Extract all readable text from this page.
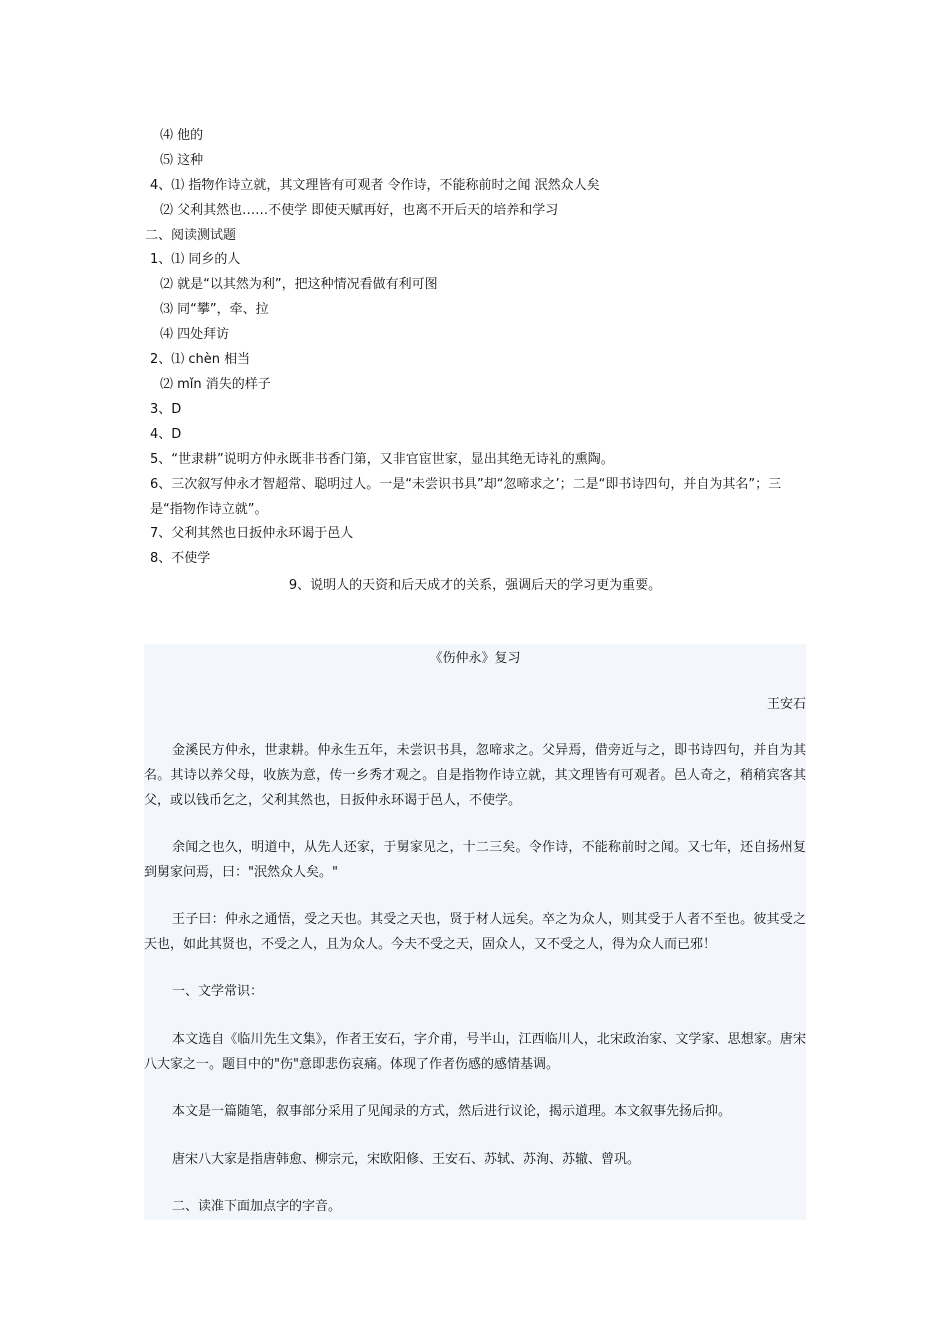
⑷ 他的
⑸ 这种
4、⑴ 指物作诗立就，其文理皆有可观者 令作诗，不能称前时之闻 泯然众人矣
⑵ 父利其然也……不使学 即使天赋再好，也离不开后天的培养和学习
二、阅读测试题
1、⑴ 同乡的人
⑵ 就是“以其然为利”，把这种情况看做有利可图
⑶ 同“攀”，牵、拉
⑷ 四处拜访
2、⑴ chèn 相当
⑵ mǐn 消失的样子
3、D
4、D
5、“世隶耕”说明方仲永既非书香门第，又非官宦世家，显出其绝无诗礼的熏陶。
6、三次叙写仲永才智超常、聪明过人。一是“未尝识书具”却“忽啼求之’；二是“即书诗四句，并自为其名”；三是“指物作诗立就”。
7、父利其然也日扳仲永环谒于邑人
8、不使学
9、说明人的天资和后天成才的关系，强调后天的学习更为重要。
《伤仲永》复习
王安石

金溪民方仲永，世隶耕。仲永生五年，未尝识书具，忽啼求之。父异焉，借旁近与之，即书诗四句，并自为其名。其诗以养父母，收族为意，传一乡秀才观之。自是指物作诗立就，其文理皆有可观者。邑人奇之，稍稍宾客其父，或以钱币乞之，父利其然也，日扳仲永环谒于邑人，不使学。

余闻之也久，明道中，从先人还家，于舅家见之，十二三矣。令作诗，不能称前时之闻。又七年，还自扬州复到舅家问焉，曰："泯然众人矣。"

王子曰：仲永之通悟，受之天也。其受之天也，贤于材人远矣。卒之为众人，则其受于人者不至也。彼其受之天也，如此其贤也，不受之人，且为众人。今夫不受之天，固众人，又不受之人，得为众人而已邪！

一、文学常识：

本文选自《临川先生文集》，作者王安石，字介甫，号半山，江西临川人，北宋政治家、文学家、思想家。唐宋八大家之一。题目中的"伤"意即悲伤哀痛。体现了作者伤感的感情基调。

本文是一篇随笔，叙事部分采用了见闻录的方式，然后进行议论，揭示道理。本文叙事先扬后抑。

唐宋八大家是指唐韩愈、柳宗元，宋欧阳修、王安石、苏轼、苏洵、苏辙、曾巩。

二、读准下面加点字的字音。
